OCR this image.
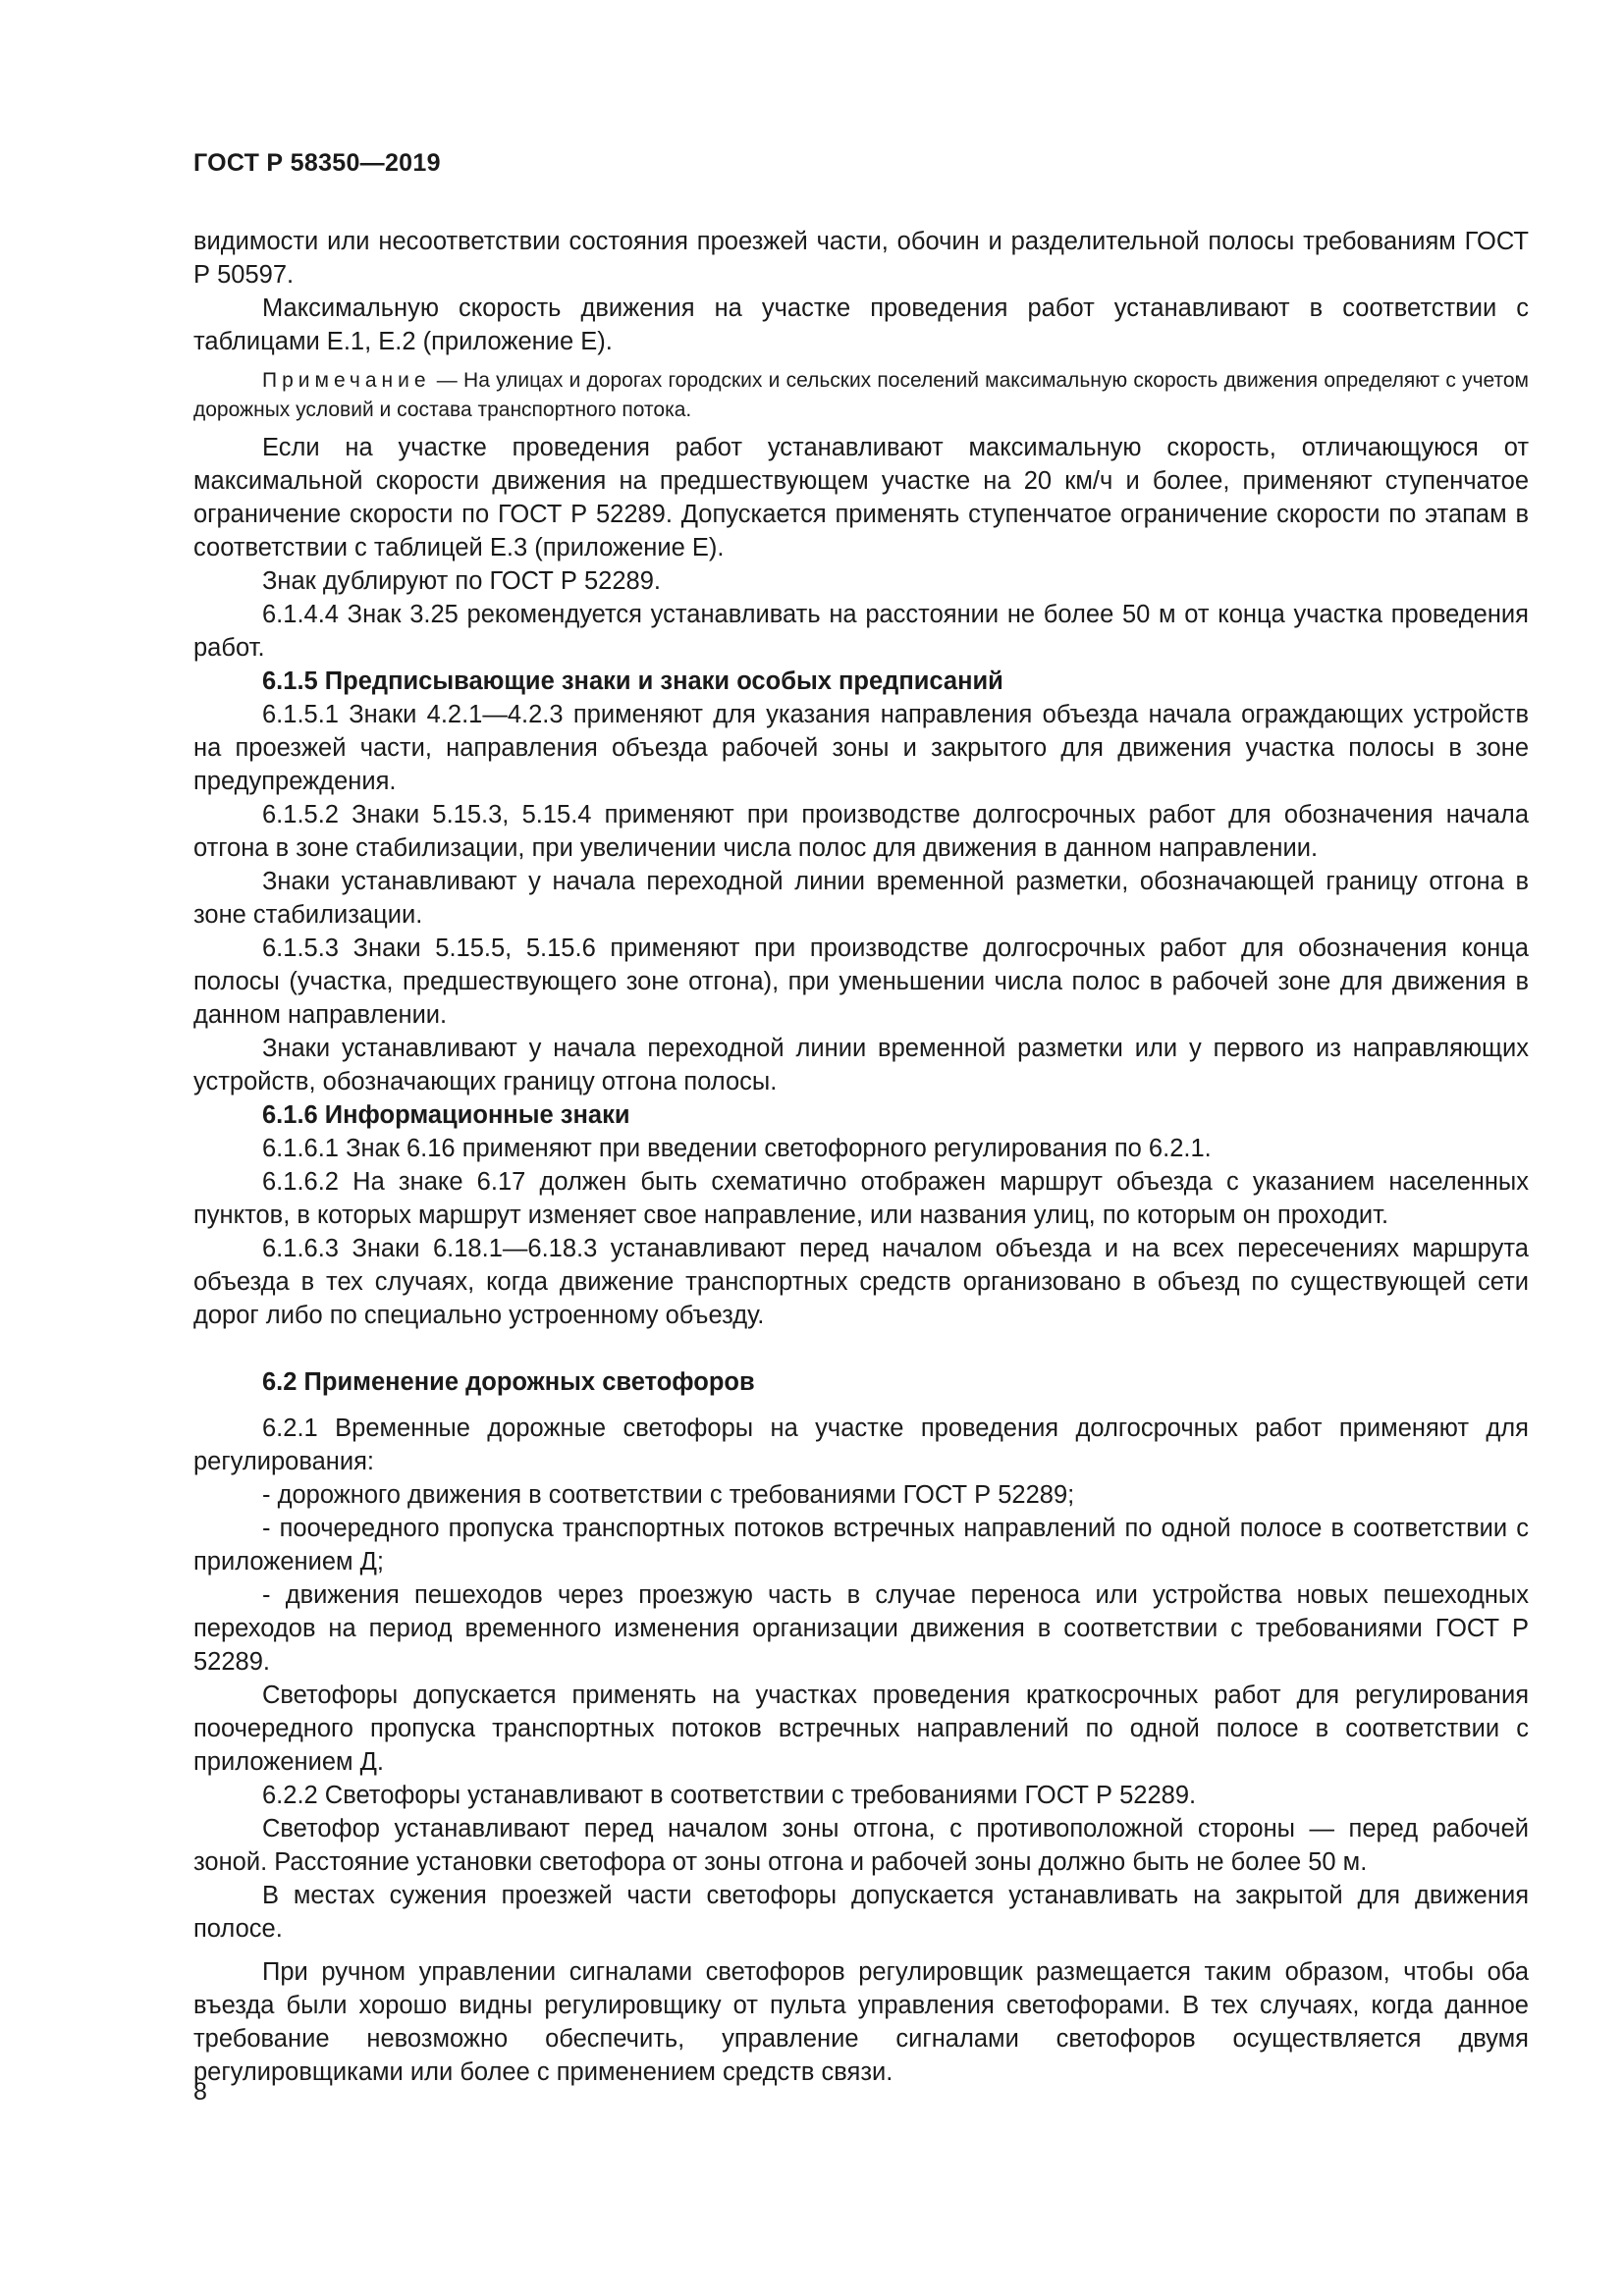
ГОСТ Р 58350—2019

видимости или несоответствии состояния проезжей части, обочин и разделительной полосы требованиям ГОСТ Р 50597.

Максимальную скорость движения на участке проведения работ устанавливают в соответствии с таблицами Е.1, Е.2 (приложение Е).

Примечание — На улицах и дорогах городских и сельских поселений максимальную скорость движения определяют с учетом дорожных условий и состава транспортного потока.

Если на участке проведения работ устанавливают максимальную скорость, отличающуюся от максимальной скорости движения на предшествующем участке на 20 км/ч и более, применяют ступенчатое ограничение скорости по ГОСТ Р 52289. Допускается применять ступенчатое ограничение скорости по этапам в соответствии с таблицей Е.3 (приложение Е).

Знак дублируют по ГОСТ Р 52289.

6.1.4.4 Знак 3.25 рекомендуется устанавливать на расстоянии не более 50 м от конца участка проведения работ.

6.1.5 Предписывающие знаки и знаки особых предписаний

6.1.5.1 Знаки 4.2.1—4.2.3 применяют для указания направления объезда начала ограждающих устройств на проезжей части, направления объезда рабочей зоны и закрытого для движения участка полосы в зоне предупреждения.

6.1.5.2 Знаки 5.15.3, 5.15.4 применяют при производстве долгосрочных работ для обозначения начала отгона в зоне стабилизации, при увеличении числа полос для движения в данном направлении.

Знаки устанавливают у начала переходной линии временной разметки, обозначающей границу отгона в зоне стабилизации.

6.1.5.3 Знаки 5.15.5, 5.15.6 применяют при производстве долгосрочных работ для обозначения конца полосы (участка, предшествующего зоне отгона), при уменьшении числа полос в рабочей зоне для движения в данном направлении.

Знаки устанавливают у начала переходной линии временной разметки или у первого из направляющих устройств, обозначающих границу отгона полосы.

6.1.6 Информационные знаки

6.1.6.1 Знак 6.16 применяют при введении светофорного регулирования по 6.2.1.

6.1.6.2 На знаке 6.17 должен быть схематично отображен маршрут объезда с указанием населенных пунктов, в которых маршрут изменяет свое направление, или названия улиц, по которым он проходит.

6.1.6.3 Знаки 6.18.1—6.18.3 устанавливают перед началом объезда и на всех пересечениях маршрута объезда в тех случаях, когда движение транспортных средств организовано в объезд по существующей сети дорог либо по специально устроенному объезду.

6.2 Применение дорожных светофоров

6.2.1 Временные дорожные светофоры на участке проведения долгосрочных работ применяют для регулирования:

- дорожного движения в соответствии с требованиями ГОСТ Р 52289;

- поочередного пропуска транспортных потоков встречных направлений по одной полосе в соответствии с приложением Д;

- движения пешеходов через проезжую часть в случае переноса или устройства новых пешеходных переходов на период временного изменения организации движения в соответствии с требованиями ГОСТ Р 52289.

Светофоры допускается применять на участках проведения краткосрочных работ для регулирования поочередного пропуска транспортных потоков встречных направлений по одной полосе в соответствии с приложением Д.

6.2.2 Светофоры устанавливают в соответствии с требованиями ГОСТ Р 52289.

Светофор устанавливают перед началом зоны отгона, с противоположной стороны — перед рабочей зоной. Расстояние установки светофора от зоны отгона и рабочей зоны должно быть не более 50 м.

В местах сужения проезжей части светофоры допускается устанавливать на закрытой для движения полосе.

При ручном управлении сигналами светофоров регулировщик размещается таким образом, чтобы оба въезда были хорошо видны регулировщику от пульта управления светофорами. В тех случаях, когда данное требование невозможно обеспечить, управление сигналами светофоров осуществляется двумя регулировщиками или более с применением средств связи.

8
